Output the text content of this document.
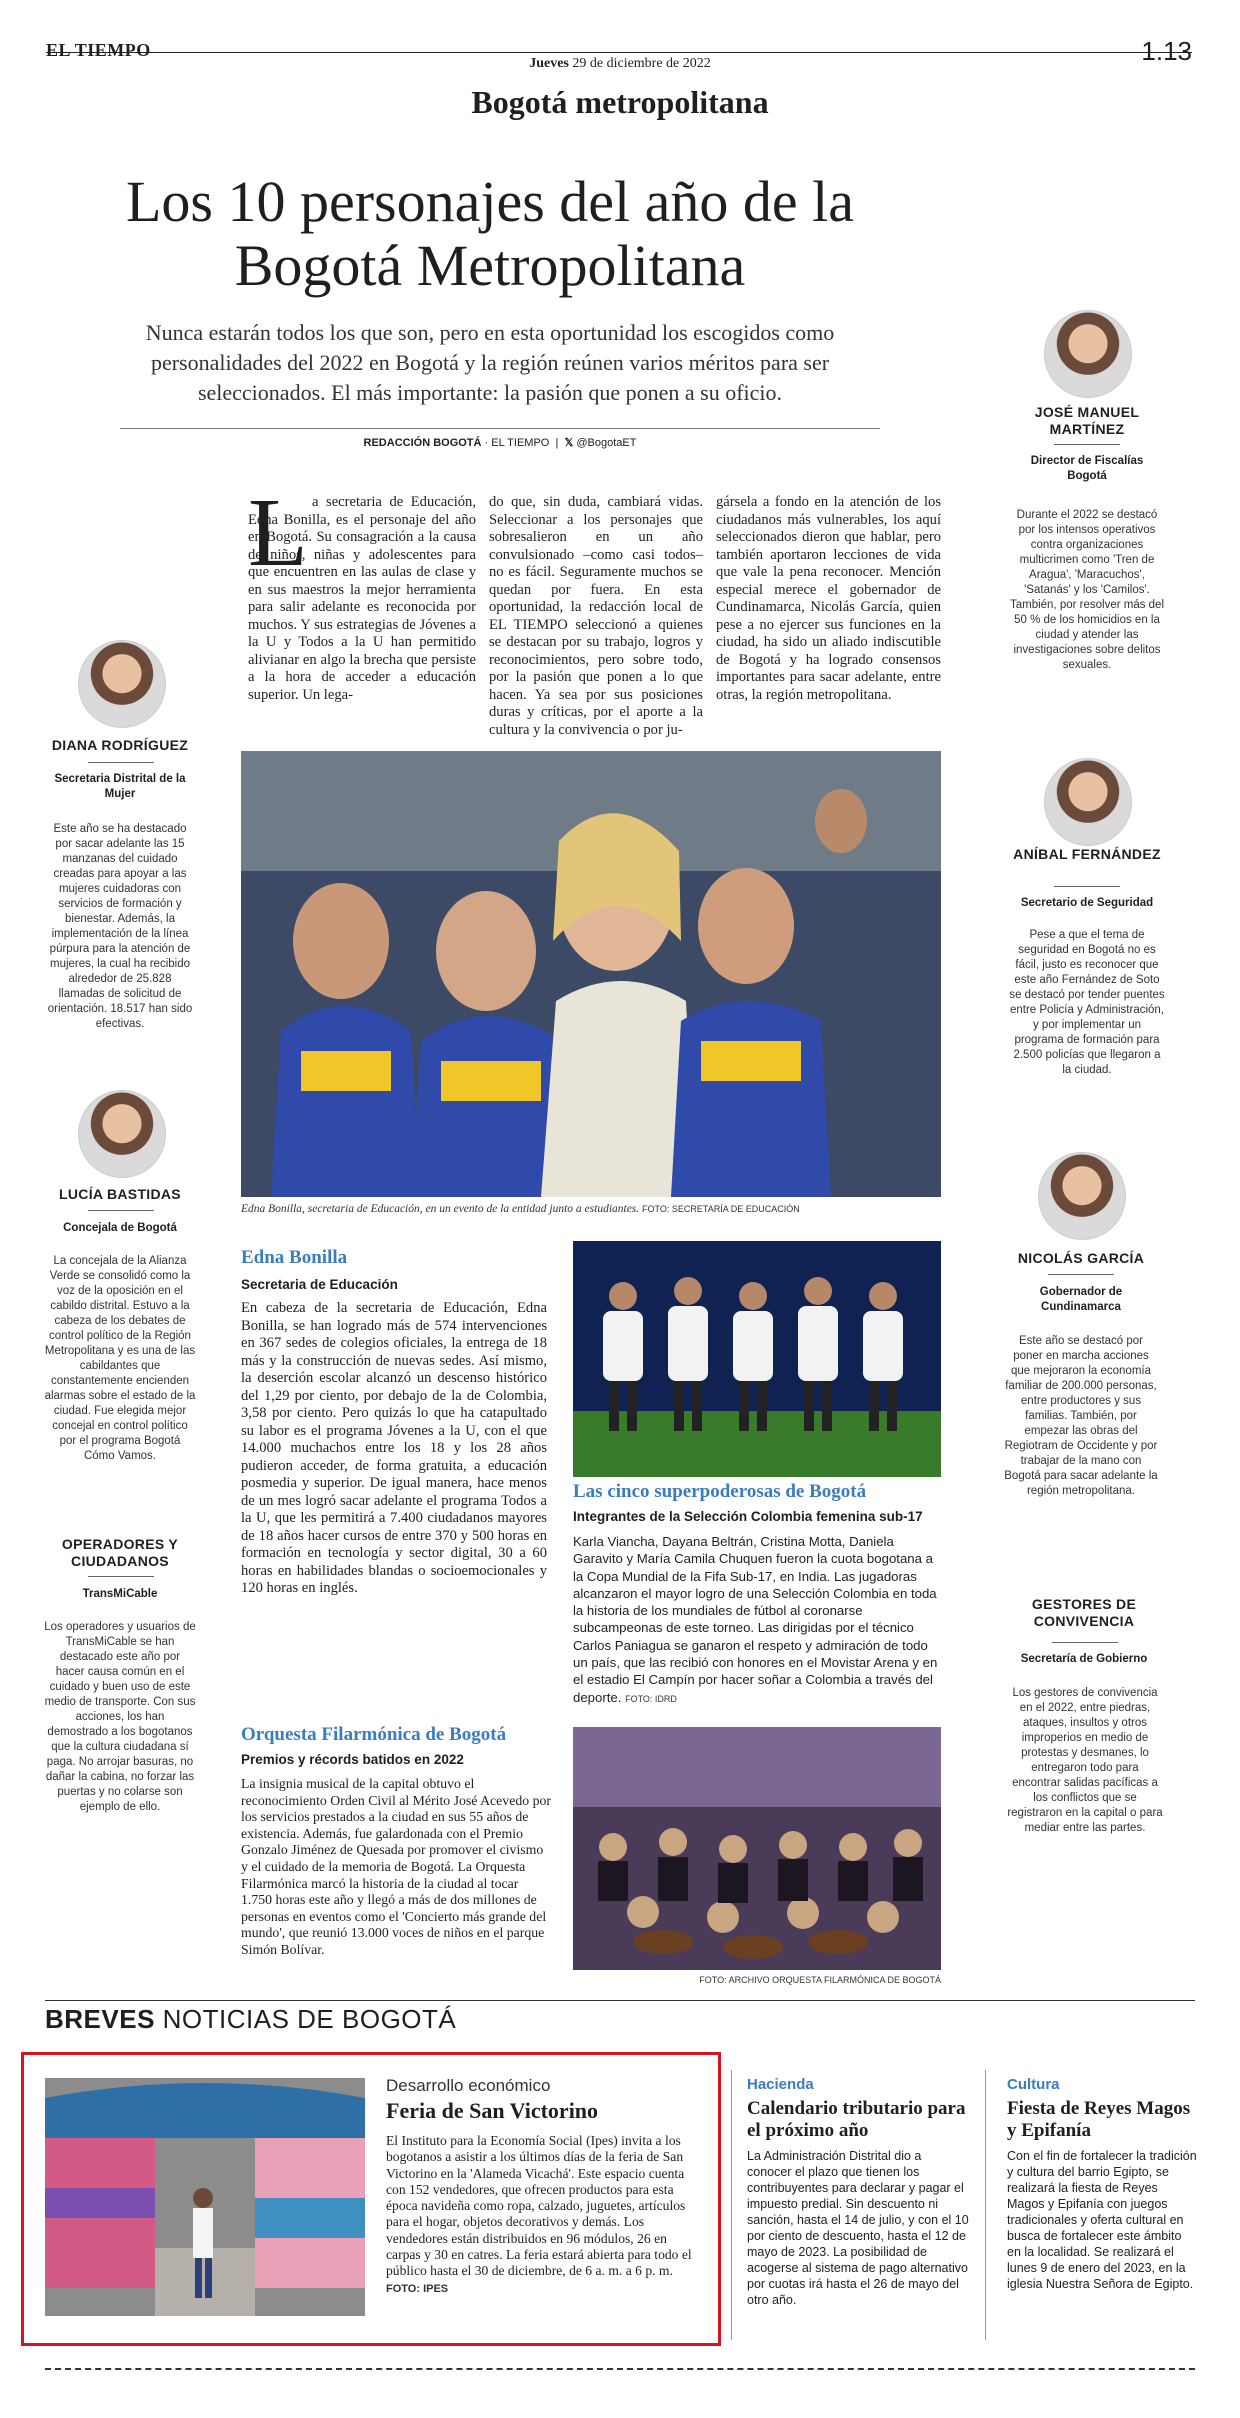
EL TIEMPO
Jueves 29 de diciembre de 2022	1.13
Bogotá metropolitana
Los 10 personajes del año de la Bogotá Metropolitana
Nunca estarán todos los que son, pero en esta oportunidad los escogidos como personalidades del 2022 en Bogotá y la región reúnen varios méritos para ser seleccionados. El más importante: la pasión que ponen a su oficio.
REDACCIÓN BOGOTÁ · EL TIEMPO  |  𝕏 @BogotaET
L a secretaria de Educación, Edna Bonilla, es el personaje del año en Bogotá. Su consagración a la causa de niños, niñas y adolescentes para que encuentren en las aulas de clase y en sus maestros la mejor herramienta para salir adelante es reconocida por muchos. Y sus estrategias de Jóvenes a la U y Todos a la U han permitido alivianar en algo la brecha que persiste a la hora de acceder a educación superior. Un lega-
do que, sin duda, cambiará vidas. Seleccionar a los personajes que sobresalieron en un año convulsionado –como casi todos– no es fácil. Seguramente muchos se quedan por fuera. En esta oportunidad, la redacción local de EL TIEMPO seleccionó a quienes se destacan por su trabajo, logros y reconocimientos, pero sobre todo, por la pasión que ponen a lo que hacen. Ya sea por sus posiciones duras y críticas, por el aporte a la cultura y la convivencia o por ju-
gársela a fondo en la atención de los ciudadanos más vulnerables, los aquí seleccionados dieron que hablar, pero también aportaron lecciones de vida que vale la pena reconocer. Mención especial merece el gobernador de Cundinamarca, Nicolás García, quien pese a no ejercer sus funciones en la ciudad, ha sido un aliado indiscutible de Bogotá y ha logrado consensos importantes para sacar adelante, entre otras, la región metropolitana.
Edna Bonilla, secretaria de Educación, en un evento de la entidad junto a estudiantes. FOTO: SECRETARÍA DE EDUCACIÓN
Edna Bonilla
Secretaria de Educación
En cabeza de la secretaria de Educación, Edna Bonilla, se han logrado más de 574 intervenciones en 367 sedes de colegios oficiales, la entrega de 18 más y la construcción de nuevas sedes. Así mismo, la deserción escolar alcanzó un descenso histórico del 1,29 por ciento, por debajo de la de Colombia, 3,58 por ciento. Pero quizás lo que ha catapultado su labor es el programa Jóvenes a la U, con el que 14.000 muchachos entre los 18 y los 28 años pudieron acceder, de forma gratuita, a educación posmedia y superior. De igual manera, hace menos de un mes logró sacar adelante el programa Todos a la U, que les permitirá a 7.400 ciudadanos mayores de 18 años hacer cursos de entre 370 y 500 horas en formación en tecnología y sector digital, 30 a 60 horas en habilidades blandas o socioemocionales y 120 horas en inglés.
Las cinco superpoderosas de Bogotá
Integrantes de la Selección Colombia femenina sub-17
Karla Viancha, Dayana Beltrán, Cristina Motta, Daniela Garavito y María Camila Chuquen fueron la cuota bogotana a la Copa Mundial de la Fifa Sub-17, en India. Las jugadoras alcanzaron el mayor logro de una Selección Colombia en toda la historia de los mundiales de fútbol al coronarse subcampeonas de este torneo. Las dirigidas por el técnico Carlos Paniagua se ganaron el respeto y admiración de todo un país, que las recibió con honores en el Movistar Arena y en el estadio El Campín por hacer soñar a Colombia a través del deporte. FOTO: IDRD
Orquesta Filarmónica de Bogotá
Premios y récords batidos en 2022
La insignia musical de la capital obtuvo el reconocimiento Orden Civil al Mérito José Acevedo por los servicios prestados a la ciudad en sus 55 años de existencia. Además, fue galardonada con el Premio Gonzalo Jiménez de Quesada por promover el civismo y el cuidado de la memoria de Bogotá. La Orquesta Filarmónica marcó la historia de la ciudad al tocar 1.750 horas este año y llegó a más de dos millones de personas en eventos como el 'Concierto más grande del mundo', que reunió 13.000 voces de niños en el parque Simón Bolívar.
FOTO: ARCHIVO ORQUESTA FILARMÓNICA DE BOGOTÁ
DIANA RODRÍGUEZ
Secretaria Distrital de la Mujer
Este año se ha destacado por sacar adelante las 15 manzanas del cuidado creadas para apoyar a las mujeres cuidadoras con servicios de formación y bienestar. Además, la implementación de la línea púrpura para la atención de mujeres, la cual ha recibido alrededor de 25.828 llamadas de solicitud de orientación. 18.517 han sido efectivas.
LUCÍA BASTIDAS
Concejala de Bogotá
La concejala de la Alianza Verde se consolidó como la voz de la oposición en el cabildo distrital. Estuvo a la cabeza de los debates de control político de la Región Metropolitana y es una de las cabildantes que constantemente encienden alarmas sobre el estado de la ciudad. Fue elegida mejor concejal en control político por el programa Bogotá Cómo Vamos.
OPERADORES Y CIUDADANOS
TransMiCable
Los operadores y usuarios de TransMiCable se han destacado este año por hacer causa común en el cuidado y buen uso de este medio de transporte. Con sus acciones, los han demostrado a los bogotanos que la cultura ciudadana sí paga. No arrojar basuras, no dañar la cabina, no forzar las puertas y no colarse son ejemplo de ello.
JOSÉ MANUEL MARTÍNEZ
Director de Fiscalías Bogotá
Durante el 2022 se destacó por los intensos operativos contra organizaciones multicrimen como 'Tren de Aragua', 'Maracuchos', 'Satanás' y los 'Camilos'. También, por resolver más del 50 % de los homicidios en la ciudad y atender las investigaciones sobre delitos sexuales.
ANÍBAL FERNÁNDEZ
Secretario de Seguridad
Pese a que el tema de seguridad en Bogotá no es fácil, justo es reconocer que este año Fernández de Soto se destacó por tender puentes entre Policía y Administración, y por implementar un programa de formación para 2.500 policías que llegaron a la ciudad.
NICOLÁS GARCÍA
Gobernador de Cundinamarca
Este año se destacó por poner en marcha acciones que mejoraron la economía familiar de 200.000 personas, entre productores y sus familias. También, por empezar las obras del Regiotram de Occidente y por trabajar de la mano con Bogotá para sacar adelante la región metropolitana.
GESTORES DE CONVIVENCIA
Secretaría de Gobierno
Los gestores de convivencia en el 2022, entre piedras, ataques, insultos y otros improperios en medio de protestas y desmanes, lo entregaron todo para encontrar salidas pacíficas a los conflictos que se registraron en la capital o para mediar entre las partes.
BREVES NOTICIAS DE BOGOTÁ
Desarrollo económico
Feria de San Victorino
El Instituto para la Economía Social (Ipes) invita a los bogotanos a asistir a los últimos días de la feria de San Victorino en la 'Alameda Vicachá'. Este espacio cuenta con 152 vendedores, que ofrecen productos para esta época navideña como ropa, calzado, juguetes, artículos para el hogar, objetos decorativos y demás. Los vendedores están distribuidos en 96 módulos, 26 en carpas y 30 en catres. La feria estará abierta para todo el público hasta el 30 de diciembre, de 6 a. m. a 6 p. m. FOTO: IPES
Hacienda
Calendario tributario para el próximo año
La Administración Distrital dio a conocer el plazo que tienen los contribuyentes para declarar y pagar el impuesto predial. Sin descuento ni sanción, hasta el 14 de julio, y con el 10 por ciento de descuento, hasta el 12 de mayo de 2023. La posibilidad de acogerse al sistema de pago alternativo por cuotas irá hasta el 26 de mayo del otro año.
Cultura
Fiesta de Reyes Magos y Epifanía
Con el fin de fortalecer la tradición y cultura del barrio Egipto, se realizará la fiesta de Reyes Magos y Epifanía con juegos tradicionales y oferta cultural en busca de fortalecer este ámbito en la localidad. Se realizará el lunes 9 de enero del 2023, en la iglesia Nuestra Señora de Egipto.
